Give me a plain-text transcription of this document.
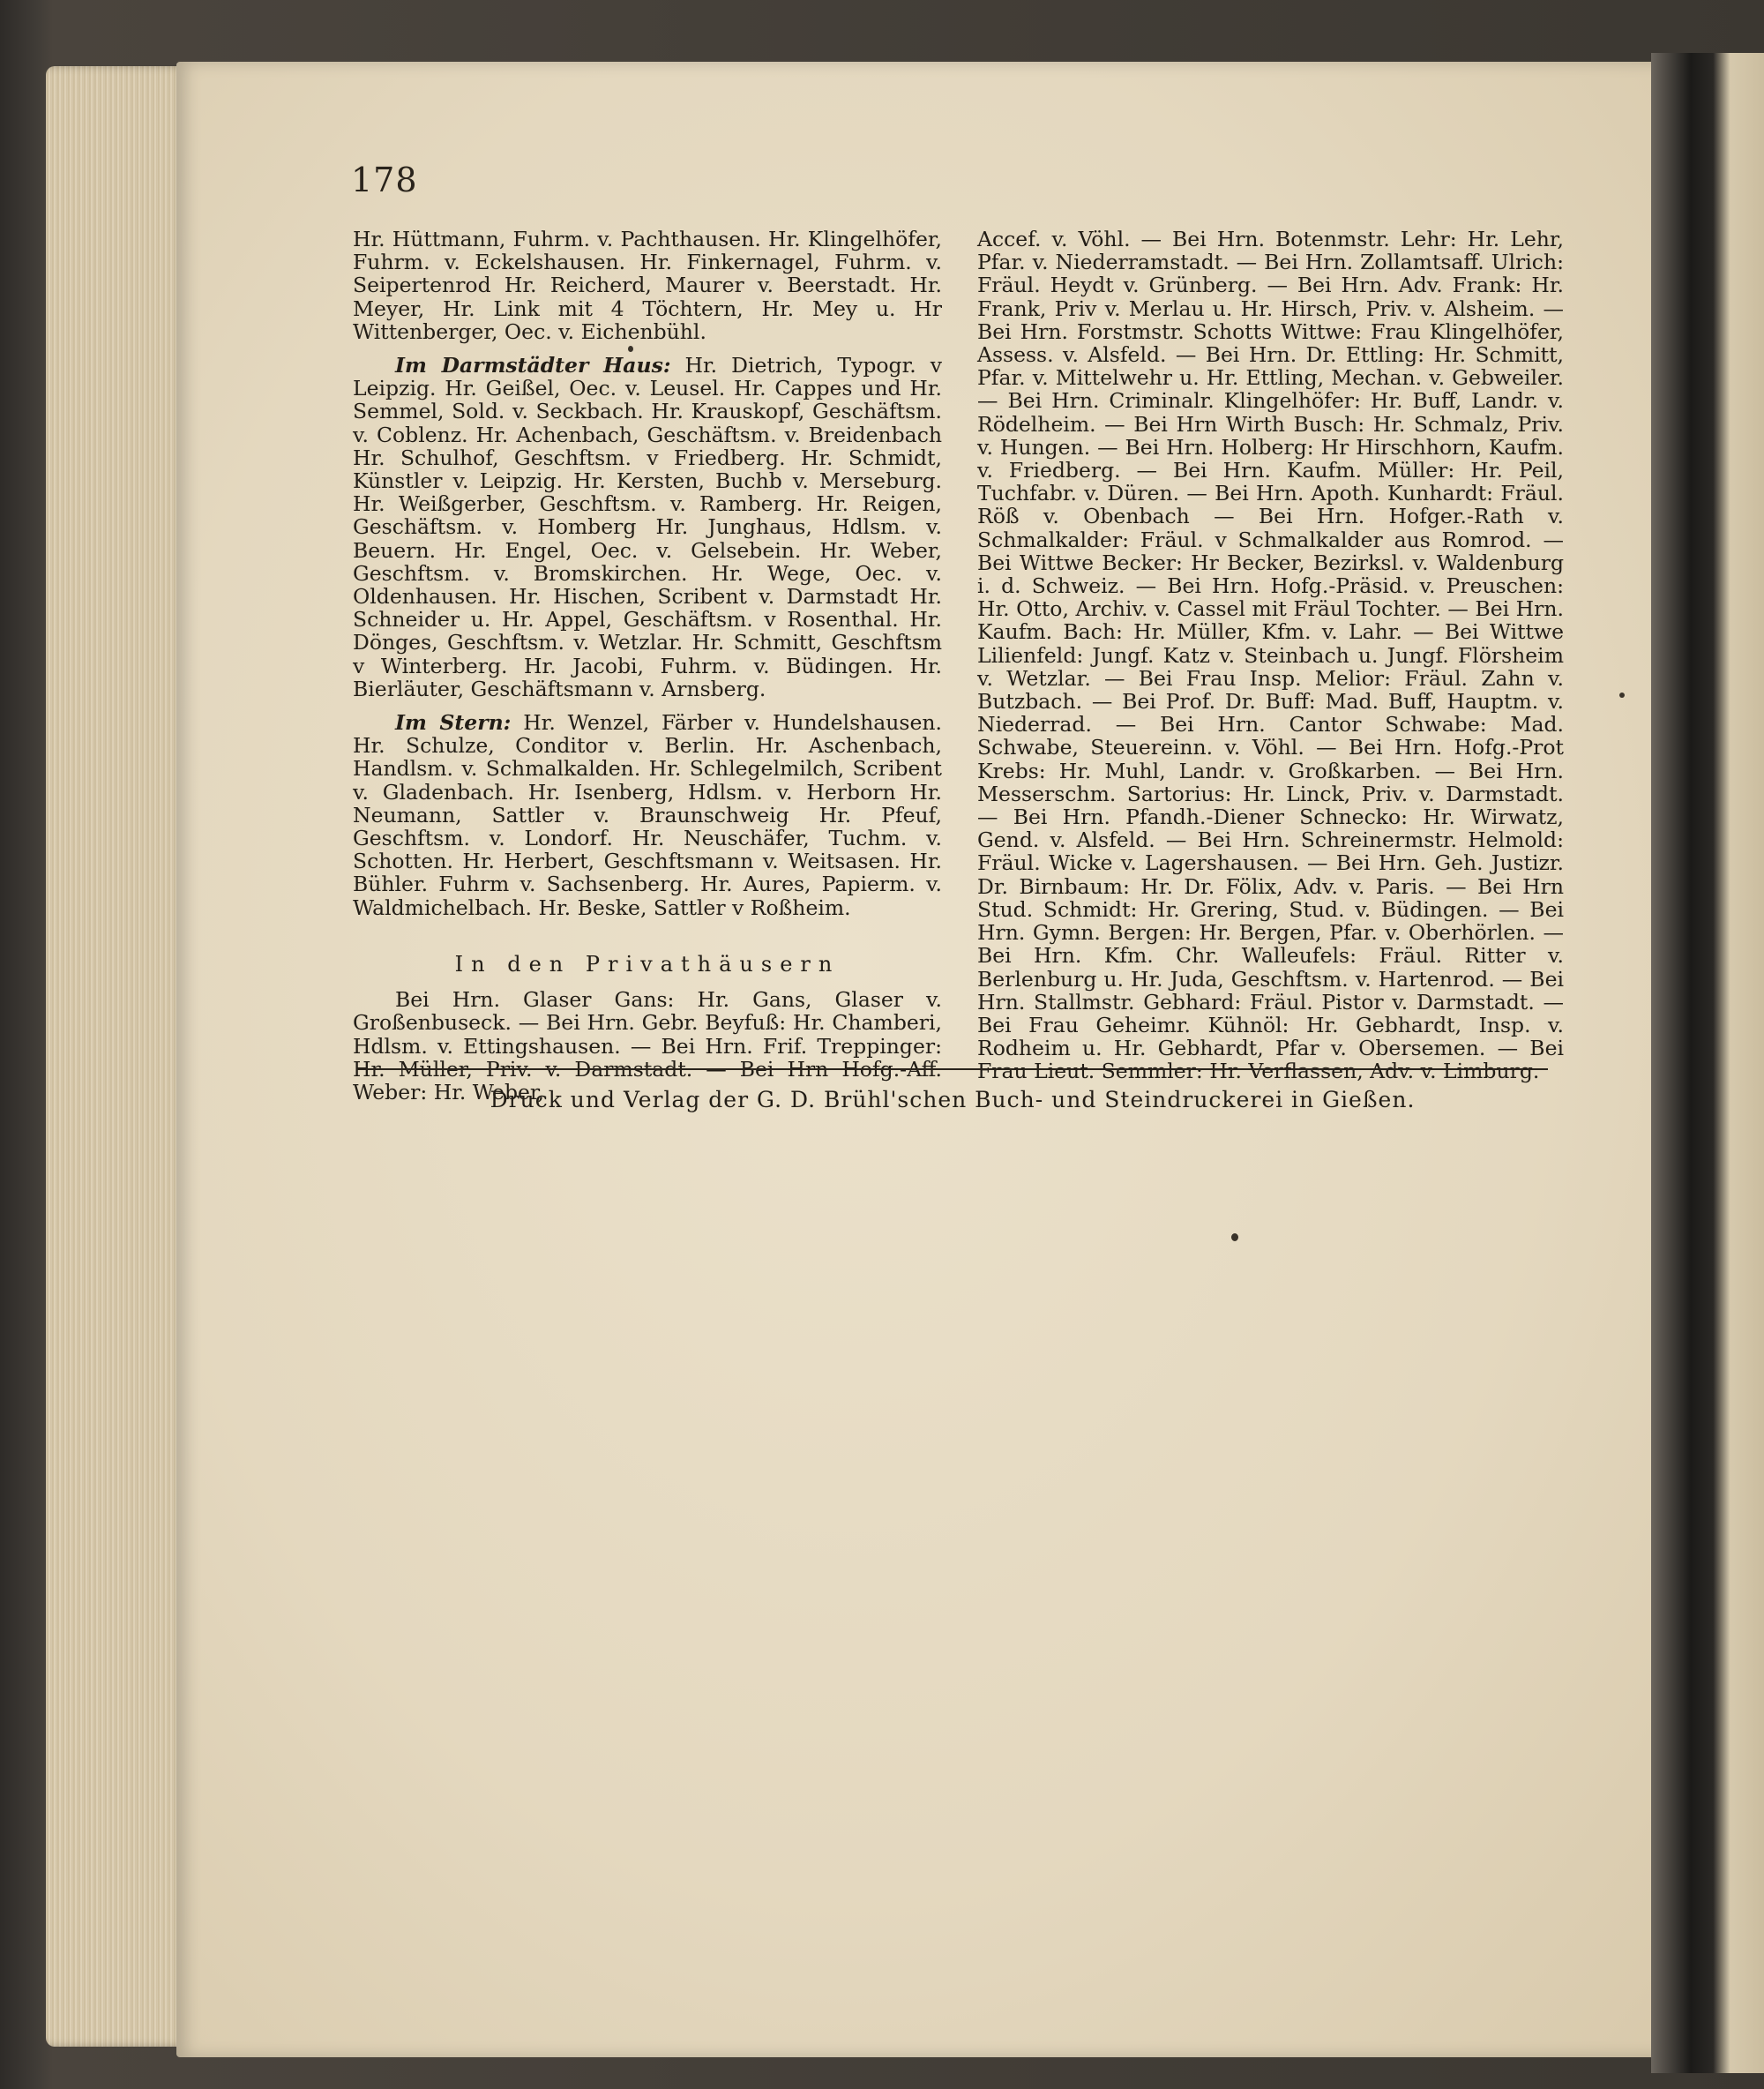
178

Hr. Hüttmann, Fuhrm. v. Pachthausen. Hr. Klingelhöfer, Fuhrm. v. Eckelshausen. Hr. Finkernagel, Fuhrm. v. Seipertenrod Hr. Reicherd, Maurer v. Beerstadt. Hr. Meyer, Hr. Link mit 4 Töchtern, Hr. Mey u. Hr Wittenberger, Oec. v. Eichenbühl.

Im Darmstädter Haus: Hr. Dietrich, Typogr. v Leipzig. Hr. Geißel, Oec. v. Leusel. Hr. Cappes und Hr. Semmel, Sold. v. Seckbach. Hr. Krauskopf, Geschäftsm. v. Coblenz. Hr. Achenbach, Geschäftsm. v. Breidenbach Hr. Schulhof, Geschftsm. v Friedberg. Hr. Schmidt, Künstler v. Leipzig. Hr. Kersten, Buchb v. Merseburg. Hr. Weißgerber, Geschftsm. v. Ramberg. Hr. Reigen, Geschäftsm. v. Homberg Hr. Junghaus, Hdlsm. v. Beuern. Hr. Engel, Oec. v. Gelsebein. Hr. Weber, Geschftsm. v. Bromskirchen. Hr. Wege, Oec. v. Oldenhausen. Hr. Hischen, Scribent v. Darmstadt Hr. Schneider u. Hr. Appel, Geschäftsm. v Rosenthal. Hr. Dönges, Geschftsm. v. Wetzlar. Hr. Schmitt, Geschftsm v Winterberg. Hr. Jacobi, Fuhrm. v. Büdingen. Hr. Bierläuter, Geschäftsmann v. Arnsberg.

Im Stern: Hr. Wenzel, Färber v. Hundelshausen. Hr. Schulze, Conditor v. Berlin. Hr. Aschenbach, Handlsm. v. Schmalkalden. Hr. Schlegelmilch, Scribent v. Gladenbach. Hr. Isenberg, Hdlsm. v. Herborn Hr. Neumann, Sattler v. Braunschweig Hr. Pfeuf, Geschftsm. v. Londorf. Hr. Neuschäfer, Tuchm. v. Schotten. Hr. Herbert, Geschftsmann v. Weitsasen. Hr. Bühler. Fuhrm v. Sachsenberg. Hr. Aures, Papierm. v. Waldmichelbach. Hr. Beske, Sattler v Roßheim.

In den Privathäusern

Bei Hrn. Glaser Gans: Hr. Gans, Glaser v. Großenbuseck. — Bei Hrn. Gebr. Beyfuß: Hr. Chamberi, Hdlsm. v. Ettingshausen. — Bei Hrn. Frif. Treppinger: Hr. Müller, Priv. v. Darmstadt. — Bei Hrn Hofg.-Aff. Weber: Hr. Weber,

Accef. v. Vöhl. — Bei Hrn. Botenmstr. Lehr: Hr. Lehr, Pfar. v. Niederramstadt. — Bei Hrn. Zollamtsaff. Ulrich: Fräul. Heydt v. Grünberg. — Bei Hrn. Adv. Frank: Hr. Frank, Priv v. Merlau u. Hr. Hirsch, Priv. v. Alsheim. — Bei Hrn. Forstmstr. Schotts Wittwe: Frau Klingelhöfer, Assess. v. Alsfeld. — Bei Hrn. Dr. Ettling: Hr. Schmitt, Pfar. v. Mittelwehr u. Hr. Ettling, Mechan. v. Gebweiler. — Bei Hrn. Criminalr. Klingelhöfer: Hr. Buff, Landr. v. Rödelheim. — Bei Hrn Wirth Busch: Hr. Schmalz, Priv. v. Hungen. — Bei Hrn. Holberg: Hr Hirschhorn, Kaufm. v. Friedberg. — Bei Hrn. Kaufm. Müller: Hr. Peil, Tuchfabr. v. Düren. — Bei Hrn. Apoth. Kunhardt: Fräul. Röß v. Obenbach — Bei Hrn. Hofger.-Rath v. Schmalkalder: Fräul. v Schmalkalder aus Romrod. — Bei Wittwe Becker: Hr Becker, Bezirksl. v. Waldenburg i. d. Schweiz. — Bei Hrn. Hofg.-Präsid. v. Preuschen: Hr. Otto, Archiv. v. Cassel mit Fräul Tochter. — Bei Hrn. Kaufm. Bach: Hr. Müller, Kfm. v. Lahr. — Bei Wittwe Lilienfeld: Jungf. Katz v. Steinbach u. Jungf. Flörsheim v. Wetzlar. — Bei Frau Insp. Melior: Fräul. Zahn v. Butzbach. — Bei Prof. Dr. Buff: Mad. Buff, Hauptm. v. Niederrad. — Bei Hrn. Cantor Schwabe: Mad. Schwabe, Steuereinn. v. Vöhl. — Bei Hrn. Hofg.-Prot Krebs: Hr. Muhl, Landr. v. Großkarben. — Bei Hrn. Messerschm. Sartorius: Hr. Linck, Priv. v. Darmstadt. — Bei Hrn. Pfandh.-Diener Schnecko: Hr. Wirwatz, Gend. v. Alsfeld. — Bei Hrn. Schreinermstr. Helmold: Fräul. Wicke v. Lagershausen. — Bei Hrn. Geh. Justizr. Dr. Birnbaum: Hr. Dr. Fölix, Adv. v. Paris. — Bei Hrn Stud. Schmidt: Hr. Grering, Stud. v. Büdingen. — Bei Hrn. Gymn. Bergen: Hr. Bergen, Pfar. v. Oberhörlen. — Bei Hrn. Kfm. Chr. Walleufels: Fräul. Ritter v. Berlenburg u. Hr. Juda, Geschftsm. v. Hartenrod. — Bei Hrn. Stallmstr. Gebhard: Fräul. Pistor v. Darmstadt. — Bei Frau Geheimr. Kühnöl: Hr. Gebhardt, Insp. v. Rodheim u. Hr. Gebhardt, Pfar v. Obersemen. — Bei Frau Lieut. Semmler: Hr. Verflassen, Adv. v. Limburg.

Druck und Verlag der G. D. Brühl'schen Buch- und Steindruckerei in Gießen.
